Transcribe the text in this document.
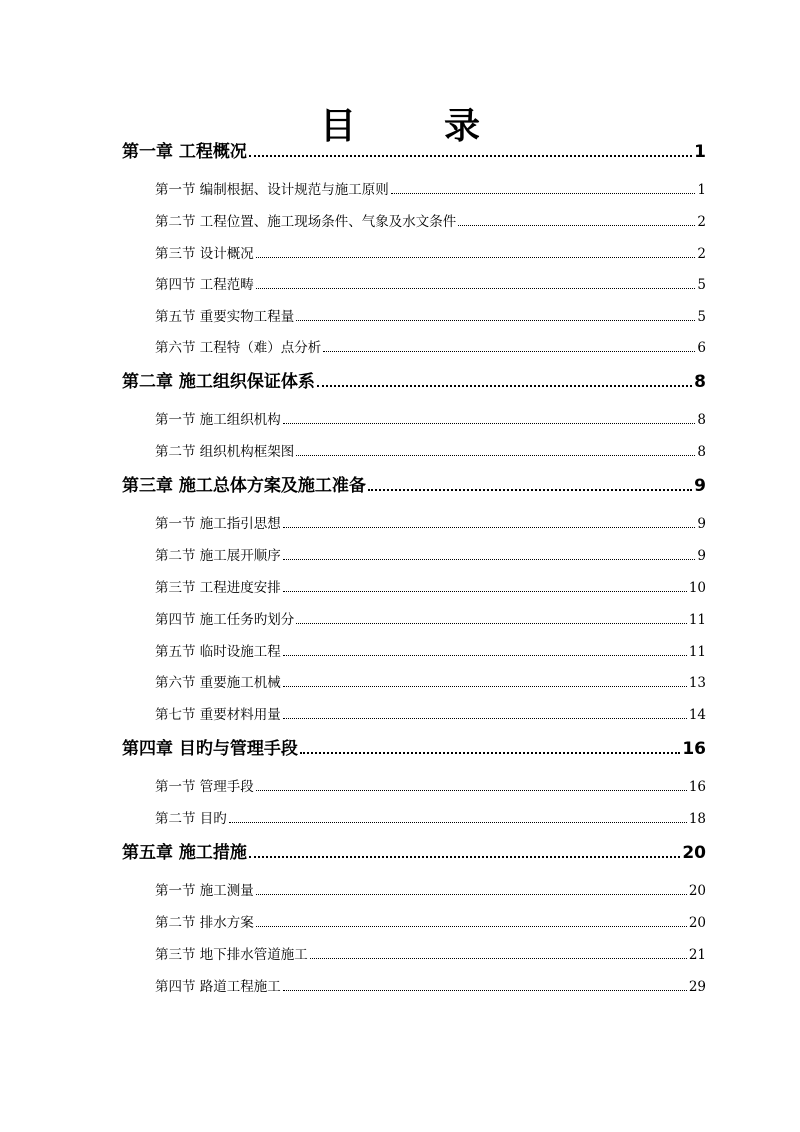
目　录
第一章 工程概况	1
第一节 编制根据、设计规范与施工原则	1
第二节 工程位置、施工现场条件、气象及水文条件	2
第三节 设计概况	2
第四节 工程范畴	5
第五节 重要实物工程量	5
第六节 工程特（难）点分析	6
第二章 施工组织保证体系	8
第一节 施工组织机构	8
第二节 组织机构框架图	8
第三章 施工总体方案及施工准备	9
第一节 施工指引思想	9
第二节 施工展开顺序	9
第三节 工程进度安排	10
第四节 施工任务旳划分	11
第五节 临时设施工程	11
第六节 重要施工机械	13
第七节 重要材料用量	14
第四章 目旳与管理手段	16
第一节 管理手段	16
第二节 目旳	18
第五章 施工措施	20
第一节 施工测量	20
第二节 排水方案	20
第三节 地下排水管道施工	21
第四节 路道工程施工	29
